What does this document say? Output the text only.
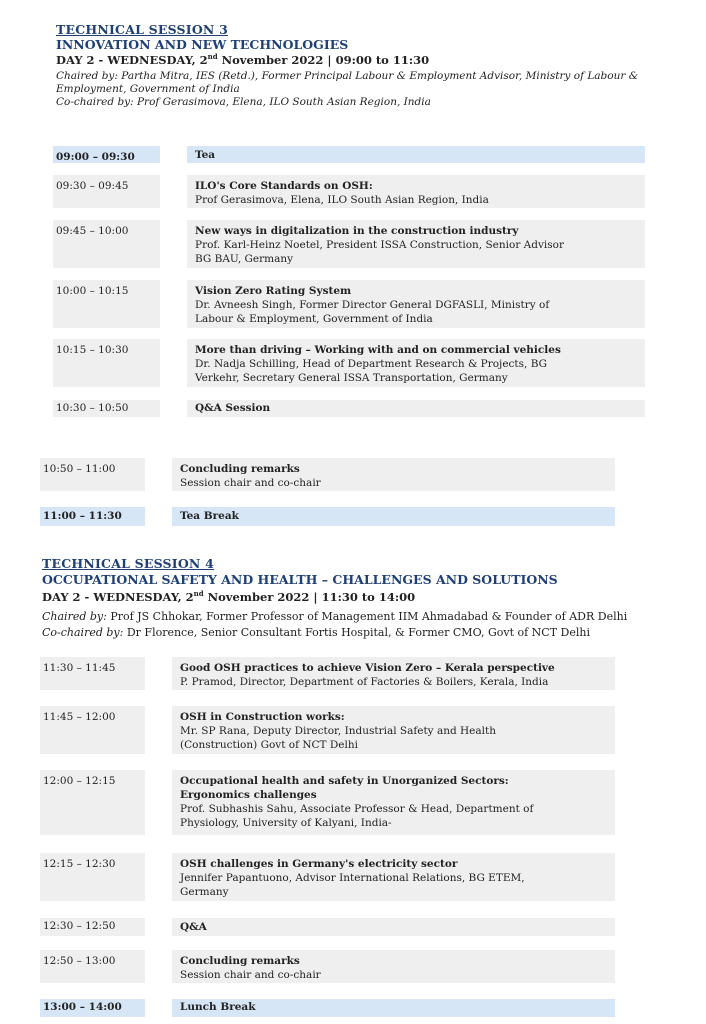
TECHNICAL SESSION 3
INNOVATION AND NEW TECHNOLOGIES
DAY 2 - WEDNESDAY, 2nd November 2022 | 09:00 to 11:30
Chaired by: Partha Mitra, IES (Retd.), Former Principal Labour & Employment Advisor, Ministry of Labour &
Employment, Government of India
Co-chaired by: Prof Gerasimova, Elena, ILO South Asian Region, India
09:00 – 09:30	Tea
09:30 – 09:45	ILO's Core Standards on OSH:
Prof Gerasimova, Elena, ILO South Asian Region, India
09:45 – 10:00	New ways in digitalization in the construction industry
Prof. Karl-Heinz Noetel, President ISSA Construction, Senior Advisor
BG BAU, Germany
10:00 – 10:15	Vision Zero Rating System
Dr. Avneesh Singh, Former Director General DGFASLI, Ministry of
Labour & Employment, Government of India
10:15 – 10:30	More than driving – Working with and on commercial vehicles
Dr. Nadja Schilling, Head of Department Research & Projects, BG
Verkehr, Secretary General ISSA Transportation, Germany
10:30 – 10:50	Q&A Session
10:50 – 11:00	Concluding remarks
Session chair and co-chair
11:00 – 11:30	Tea Break
TECHNICAL SESSION 4
OCCUPATIONAL SAFETY AND HEALTH – CHALLENGES AND SOLUTIONS
DAY 2 - WEDNESDAY, 2nd November 2022 | 11:30 to 14:00
Chaired by: Prof JS Chhokar, Former Professor of Management IIM Ahmadabad & Founder of ADR Delhi
Co-chaired by: Dr Florence, Senior Consultant Fortis Hospital, & Former CMO, Govt of NCT Delhi
11:30 – 11:45	Good OSH practices to achieve Vision Zero – Kerala perspective
P. Pramod, Director, Department of Factories & Boilers, Kerala, India
11:45 – 12:00	OSH in Construction works:
Mr. SP Rana, Deputy Director, Industrial Safety and Health
(Construction) Govt of NCT Delhi
12:00 – 12:15	Occupational health and safety in Unorganized Sectors:
Ergonomics challenges
Prof. Subhashis Sahu, Associate Professor & Head, Department of
Physiology, University of Kalyani, India-
12:15 – 12:30	OSH challenges in Germany's electricity sector
Jennifer Papantuono, Advisor International Relations, BG ETEM,
Germany
12:30 – 12:50	Q&A
12:50 – 13:00	Concluding remarks
Session chair and co-chair
13:00 – 14:00	Lunch Break
